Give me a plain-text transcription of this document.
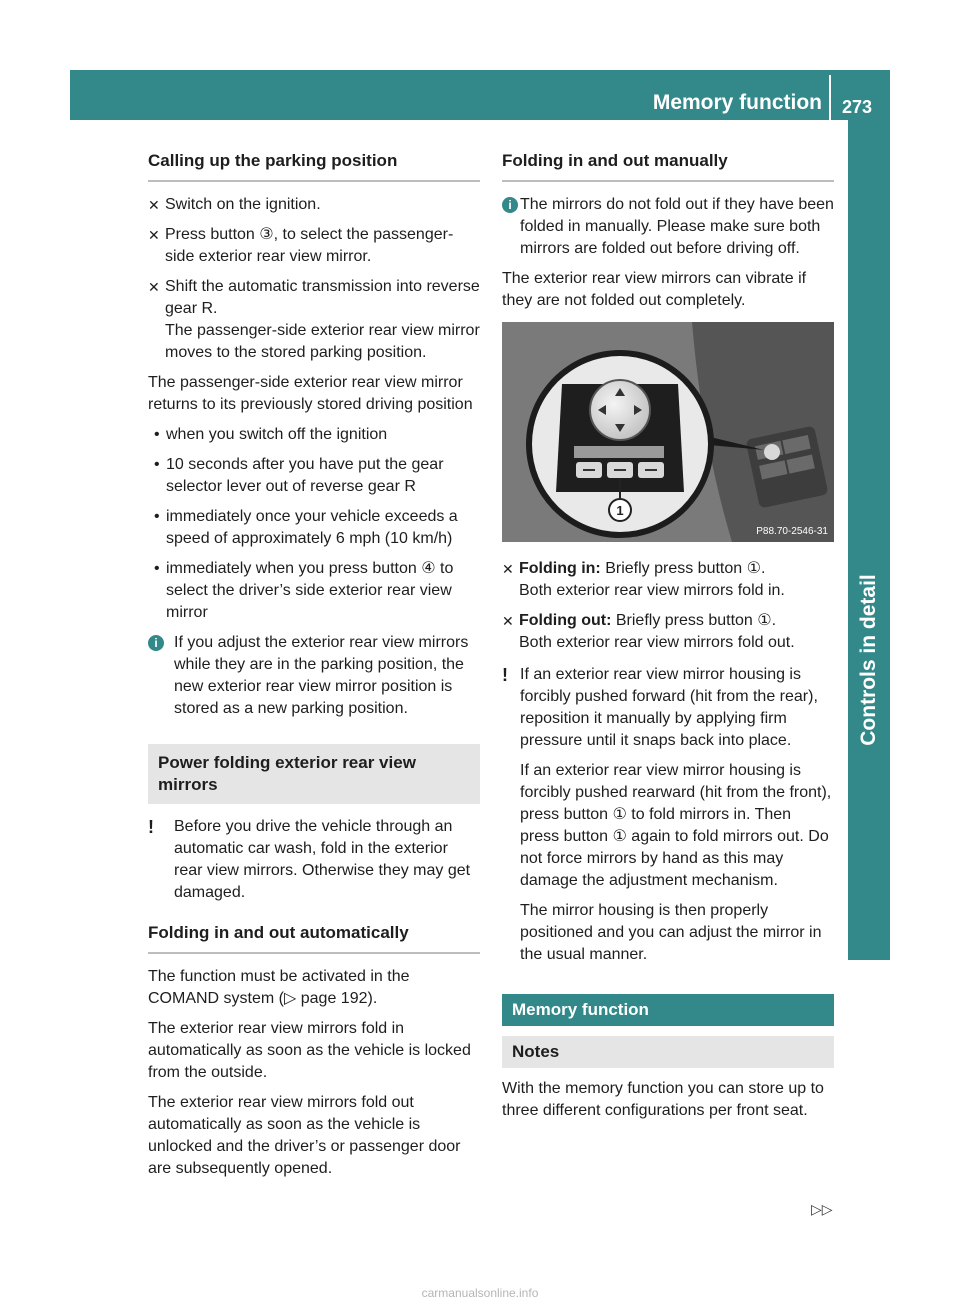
Memory function 273
Controls in detail
Calling up the parking position
✕ Switch on the ignition.
✕ Press button ③, to select the passenger-side exterior rear view mirror.
✕ Shift the automatic transmission into reverse gear R.
The passenger-side exterior rear view mirror moves to the stored parking position.

The passenger-side exterior rear view mirror returns to its previously stored driving position

• when you switch off the ignition
• 10 seconds after you have put the gear selector lever out of reverse gear R
• immediately once your vehicle exceeds a speed of approximately 6 mph (10 km/h)
• immediately when you press button ④ to select the driver’s side exterior rear view mirror
i	If you adjust the exterior rear view mirrors while they are in the parking position, the new exterior rear view mirror position is stored as a new parking position.
Power folding exterior rear view mirrors
!	Before you drive the vehicle through an automatic car wash, fold in the exterior rear view mirrors. Otherwise they may get damaged.
Folding in and out automatically

The function must be activated in the COMAND system (▷ page 192).

The exterior rear view mirrors fold in automatically as soon as the vehicle is locked from the outside.

The exterior rear view mirrors fold out automatically as soon as the vehicle is unlocked and the driver’s or passenger door are subsequently opened.

Folding in and out manually
i The mirrors do not fold out if they have been folded in manually. Please make sure both mirrors are folded out before driving off.

The exterior rear view mirrors can vibrate if they are not folded out completely.

1
P88.70-2546-31
✕ Folding in: Briefly press button ①.
Both exterior rear view mirrors fold in.
✕ Folding out: Briefly press button ①.
Both exterior rear view mirrors fold out.
! If an exterior rear view mirror housing is forcibly pushed forward (hit from the rear), reposition it manually by applying firm pressure until it snaps back into place.
If an exterior rear view mirror housing is forcibly pushed rearward (hit from the front), press button ① to fold mirrors in. Then press button ① again to fold mirrors out. Do not force mirrors by hand as this may damage the adjustment mechanism.
The mirror housing is then properly positioned and you can adjust the mirror in the usual manner.
Memory function
Notes

With the memory function you can store up to three different configurations per front seat.

▷▷
carmanualsonline.info
